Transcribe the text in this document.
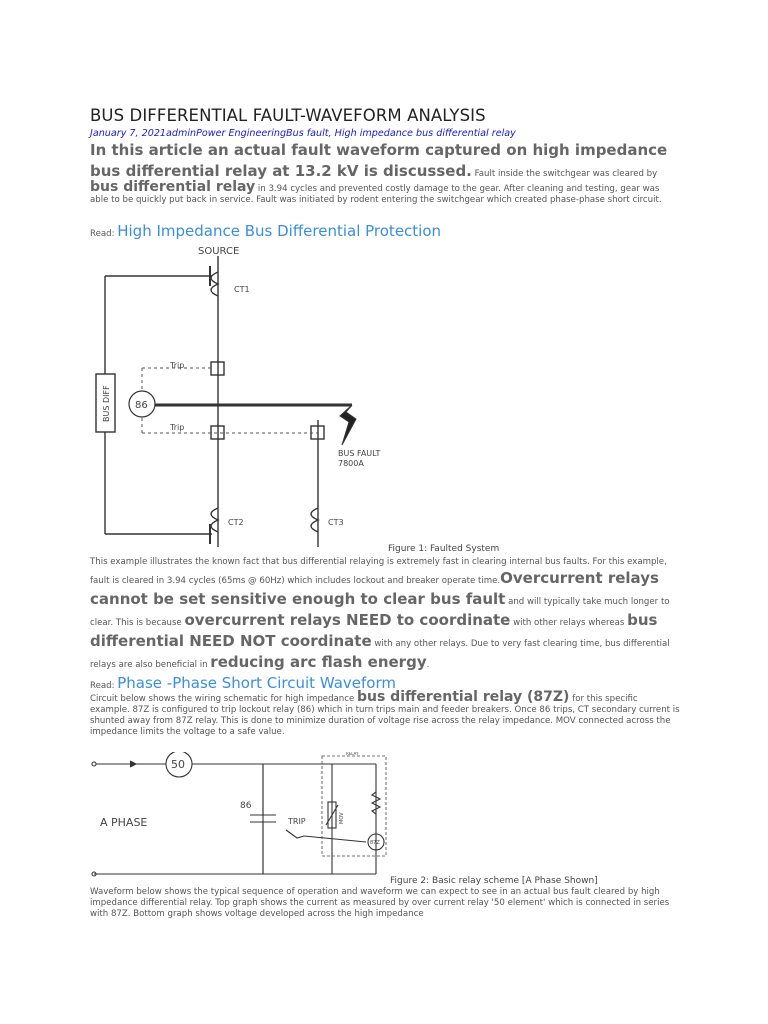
BUS DIFFERENTIAL FAULT-WAVEFORM ANALYSIS
January 7, 2021adminPower EngineeringBus fault, High impedance bus differential relay
In this article an actual fault waveform captured on high impedance bus differential relay at 13.2 kV is discussed. Fault inside the switchgear was cleared by bus differential relay in 3.94 cycles and prevented costly damage to the gear. After cleaning and testing, gear was able to be quickly put back in service. Fault was initiated by rodent entering the switchgear which created phase-phase short circuit.
Read: High Impedance Bus Differential Protection
SOURCE
CT1
CT2	CT3
Trip
Trip
86
BUS DIFF
BUS FAULT
7800A
Figure 1: Faulted System
This example illustrates the known fact that bus differential relaying is extremely fast in clearing internal bus faults. For this example, fault is cleared in 3.94 cycles (65ms @ 60Hz) which includes lockout and breaker operate time.Overcurrent relays cannot be set sensitive enough to clear bus fault and will typically take much longer to clear. This is because overcurrent relays NEED to coordinate with other relays whereas bus differential NEED NOT coordinate with any other relays. Due to very fast clearing time, bus differential relays are also beneficial in reducing arc flash energy.
Read: Phase -Phase Short Circuit Waveform
Circuit below shows the wiring schematic for high impedance bus differential relay (87Z) for this specific example. 87Z is configured to trip lockout relay (86) which in turn trips main and feeder breakers. Once 86 trips, CT secondary current is shunted away from 87Z relay. This is done to minimize duration of voltage rise across the relay impedance. MOV connected across the impedance limits the voltage to a safe value.
50
86
A PHASE	TRIP
RELAY
MOV
87Z
Figure 2: Basic relay scheme [A Phase Shown]
Waveform below shows the typical sequence of operation and waveform we can expect to see in an actual bus fault cleared by high impedance differential relay. Top graph shows the current as measured by over current relay '50 element' which is connected in series with 87Z. Bottom graph shows voltage developed across the high impedance
